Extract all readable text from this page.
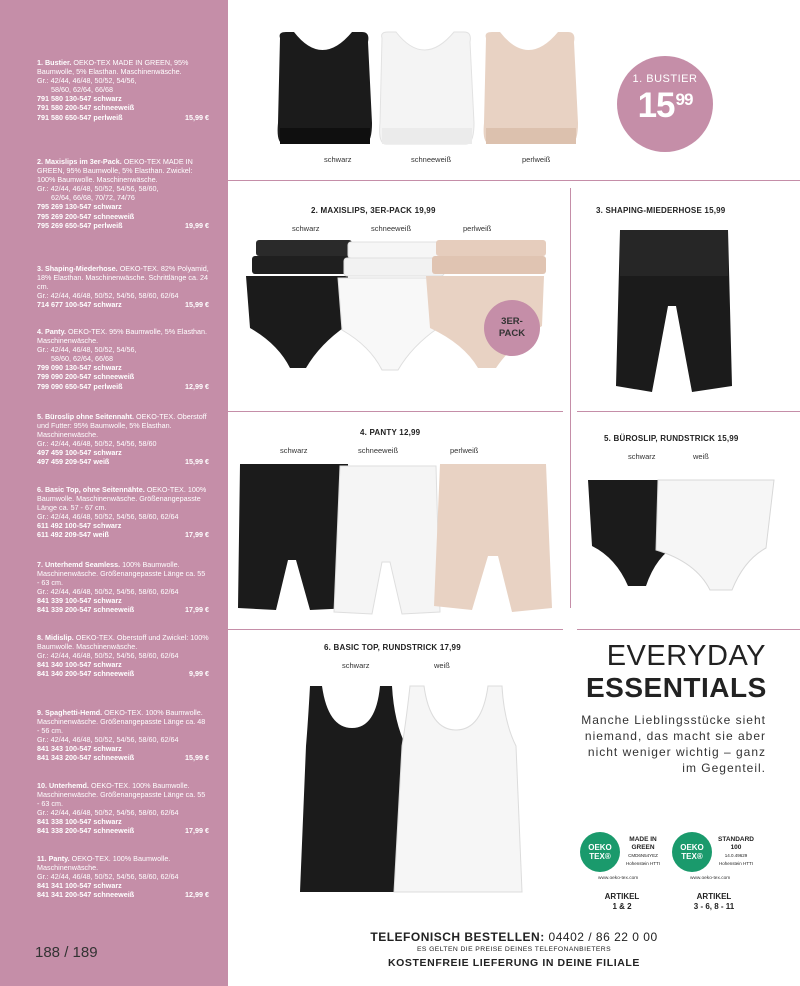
1. Bustier. OEKO-TEX MADE IN GREEN, 95% Baumwolle, 5% Elasthan. Maschinenwäsche.
Gr.: 42/44, 46/48, 50/52, 54/56,
58/60, 62/64, 66/68
791 580 130-547 schwarz
791 580 200-547 schneeweiß
791 580 650-547 perlweiß	15,99 €
2. Maxislips im 3er-Pack. OEKO-TEX MADE IN GREEN, 95% Baumwolle, 5% Elasthan. Zwickel: 100% Baumwolle. Maschinenwäsche.
Gr.: 42/44, 46/48, 50/52, 54/56, 58/60,
62/64, 66/68, 70/72, 74/76
795 269 130-547 schwarz
795 269 200-547 schneeweiß
795 269 650-547 perlweiß	19,99 €
3. Shaping-Miederhose. OEKO-TEX. 82% Polyamid, 18% Elasthan. Maschinenwäsche. Schrittlänge ca. 24 cm.
Gr.: 42/44, 46/48, 50/52, 54/56, 58/60, 62/64
714 677 100-547 schwarz	15,99 €
4. Panty. OEKO-TEX. 95% Baumwolle, 5% Elasthan. Maschinenwäsche.
Gr.: 42/44, 46/48, 50/52, 54/56,
58/60, 62/64, 66/68
799 090 130-547 schwarz
799 090 200-547 schneeweiß
799 090 650-547 perlweiß	12,99 €
5. Büroslip ohne Seitennaht. OEKO-TEX. Oberstoff und Futter: 95% Baumwolle, 5% Elasthan. Maschinenwäsche.
Gr.: 42/44, 46/48, 50/52, 54/56, 58/60
497 459 100-547 schwarz
497 459 209-547 weiß	15,99 €
6. Basic Top, ohne Seitennähte. OEKO-TEX. 100% Baumwolle. Maschinenwäsche. Größenangepasste Länge ca. 57 - 67 cm.
Gr.: 42/44, 46/48, 50/52, 54/56, 58/60, 62/64
611 492 100-547 schwarz
611 492 209-547 weiß	17,99 €
7. Unterhemd Seamless. 100% Baumwolle. Maschinenwäsche. Größenangepasste Länge ca. 55 - 63 cm.
Gr.: 42/44, 46/48, 50/52, 54/56, 58/60, 62/64
841 339 100-547 schwarz
841 339 200-547 schneeweiß	17,99 €
8. Midislip. OEKO-TEX. Oberstoff und Zwickel: 100% Baumwolle. Maschinenwäsche.
Gr.: 42/44, 46/48, 50/52, 54/56, 58/60, 62/64
841 340 100-547 schwarz
841 340 200-547 schneeweiß	9,99 €
9. Spaghetti-Hemd. OEKO-TEX. 100% Baumwolle. Maschinenwäsche. Größenangepasste Länge ca. 48 - 56 cm.
Gr.: 42/44, 46/48, 50/52, 54/56, 58/60, 62/64
841 343 100-547 schwarz
841 343 200-547 schneeweiß	15,99 €
10. Unterhemd. OEKO-TEX. 100% Baumwolle. Maschinenwäsche. Größenangepasste Länge ca. 55 - 63 cm.
Gr.: 42/44, 46/48, 50/52, 54/56, 58/60, 62/64
841 338 100-547 schwarz
841 338 200-547 schneeweiß	17,99 €
11. Panty. OEKO-TEX. 100% Baumwolle. Maschinenwäsche.
Gr.: 42/44, 46/48, 50/52, 54/56, 58/60, 62/64
841 341 100-547 schwarz
841 341 200-547 schneeweiß	12,99 €
188 / 189
schwarz	schneeweiß	perlweiß
1. BUSTIER
$15^{99}$
2. MAXISLIPS, 3ER-PACK 19,99
schwarz	schneeweiß	perlweiß
3ER-
PACK
3. SHAPING-MIEDERHOSE 15,99
4. PANTY 12,99
schwarz	schneeweiß	perlweiß
5. BÜROSLIP, RUNDSTRICK 15,99
schwarz	weiß
6. BASIC TOP, RUNDSTRICK 17,99
schwarz	weiß	EVERYDAY
ESSENTIALS
Manche Lieblingsstücke sieht niemand, das macht sie aber nicht weniger wichtig – ganz im Gegenteil.
OEKO
TEX®
MADE IN
GREEN
CMD6N54YEZ
Hohenstein HTTI
www.oeko-tex.com
ARTIKEL
1 & 2
OEKO
TEX®
STANDARD
100
14.0.49629
Hohenstein HTTI
www.oeko-tex.com
ARTIKEL
3 - 6, 8 - 11
TELEFONISCH BESTELLEN: 04402 / 86 22 0 00
ES GELTEN DIE PREISE DEINES TELEFONANBIETERS
KOSTENFREIE LIEFERUNG IN DEINE FILIALE
